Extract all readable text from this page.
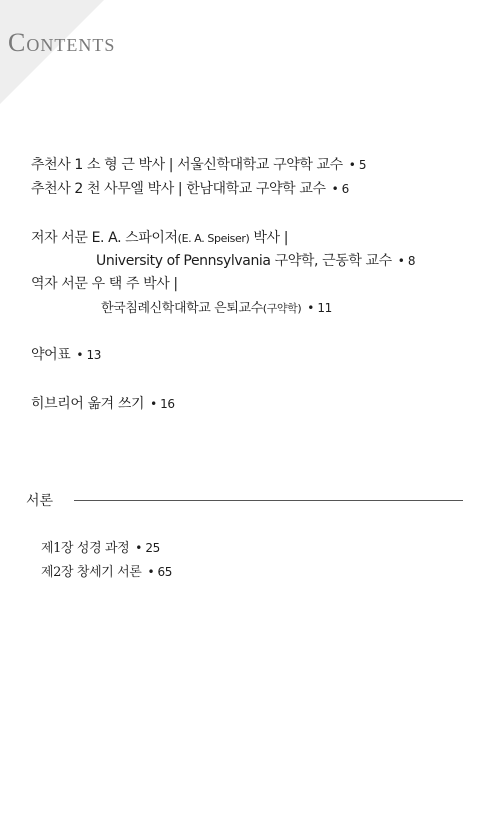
Contents
추천사 1 소 형 근 박사 | 서울신학대학교 구약학 교수 • 5
추천사 2 천 사무엘 박사 | 한남대학교 구약학 교수 • 6
저자 서문 E. A. 스파이저(E. A. Speiser) 박사 |
University of Pennsylvania 구약학, 근동학 교수 • 8
역자 서문 우 택 주 박사 |
한국침례신학대학교 은퇴교수(구약학) • 11
약어표 • 13
히브리어 옮겨 쓰기 • 16
서론
제1장 성경 과정 • 25
제2장 창세기 서론 • 65
